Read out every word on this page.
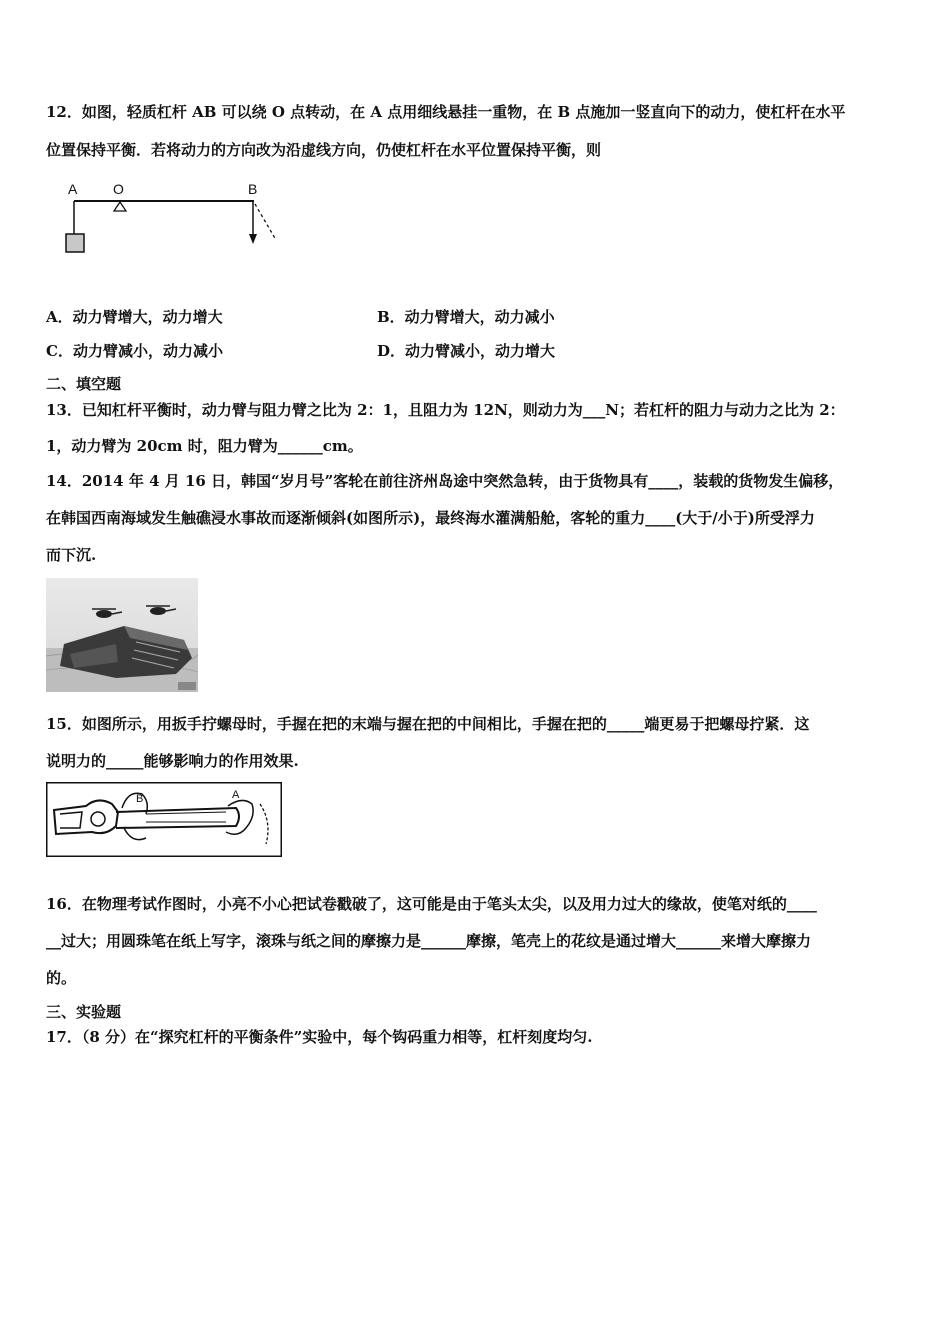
12．如图，轻质杠杆 AB 可以绕 O 点转动，在 A 点用细线悬挂一重物，在 B 点施加一竖直向下的动力，使杠杆在水平
位置保持平衡．若将动力的方向改为沿虚线方向，仍使杠杆在水平位置保持平衡，则
A	O	B
A．动力臂增大，动力增大	B．动力臂增大，动力减小
C．动力臂减小，动力减小	D．动力臂减小，动力增大
二、填空题
13．已知杠杆平衡时，动力臂与阻力臂之比为 2：1，且阻力为 12N，则动力为___N；若杠杆的阻力与动力之比为 2：
1，动力臂为 20cm 时，阻力臂为______cm。
14．2014 年 4 月 16 日，韩国“岁月号”客轮在前往济州岛途中突然急转，由于货物具有____，装载的货物发生偏移，
在韩国西南海域发生触礁浸水事故而逐渐倾斜(如图所示)，最终海水灌满船舱，客轮的重力____(大于/小于)所受浮力
而下沉.
15．如图所示，用扳手拧螺母时，手握在把的末端与握在把的中间相比，手握在把的_____端更易于把螺母拧紧．这
说明力的_____能够影响力的作用效果.
B	A
16．在物理考试作图时，小亮不小心把试卷戳破了，这可能是由于笔头太尖，以及用力过大的缘故，使笔对纸的____
__过大；用圆珠笔在纸上写字，滚珠与纸之间的摩擦力是______摩擦，笔壳上的花纹是通过增大______来增大摩擦力
的。
三、实验题
17．（8 分）在“探究杠杆的平衡条件”实验中，每个钩码重力相等，杠杆刻度均匀.
